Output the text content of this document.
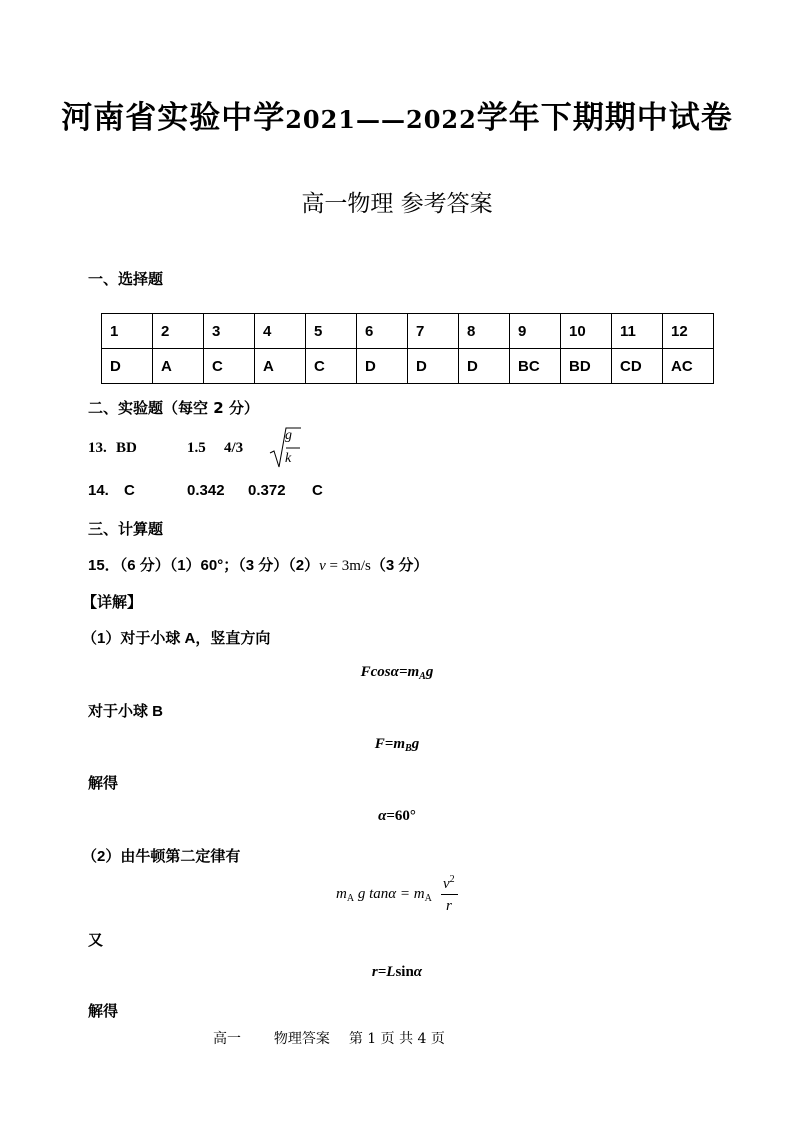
河南省实验中学2021——2022学年下期期中试卷
高一物理 参考答案
一、选择题
1	2	3	4	5	6	7	8	9	10	11	12
D	A	C	A	C	D	D	D	BC	BD	CD	AC
二、实验题（每空 2 分）
13. BD	1.5 4/3
g
k
14. C	0.342 0.372 C
三、计算题
15．（6 分）（1）60°；（3 分）（2）v = 3m/s（3 分）
【详解】
（1）对于小球 A，竖直方向
$Fcos\alpha=m_Ag$
对于小球 B
$F=m_Bg$
解得
α=60°
（2）由牛顿第二定律有
$m_A$ g $\tan\alpha = m_A$
$v^2$
r
又
r=Lsinα
解得
高一 物理答案 第 1 页 共 4 页
